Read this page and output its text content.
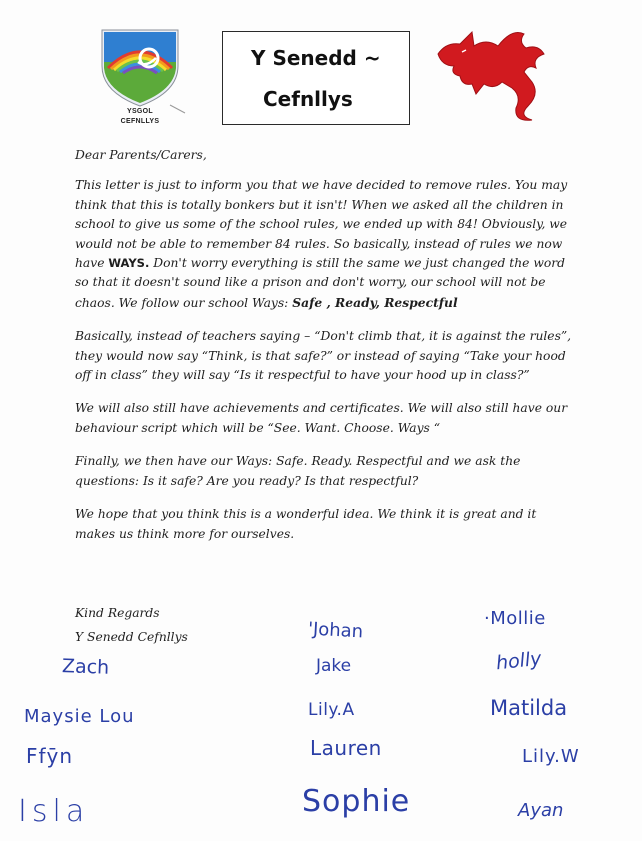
YSGOL
CEFNLLYS
Y Senedd ~
Cefnllys

Dear Parents/Carers,

This letter is just to inform you that we have decided to remove rules. You may think that this is totally bonkers but it isn't! When we asked all the children in school to give us some of the school rules, we ended up with 84! Obviously, we would not be able to remember 84 rules. So basically, instead of rules we now have WAYS. Don't worry everything is still the same we just changed the word so that it doesn't sound like a prison and don't worry, our school will not be chaos. We follow our school Ways: Safe , Ready, Respectful

Basically, instead of teachers saying – “Don't climb that, it is against the rules”, they would now say “Think, is that safe?” or instead of saying “Take your hood off in class” they will say “Is it respectful to have your hood up in class?”

We will also still have achievements and certificates. We will also still have our behaviour script which will be “See. Want. Choose. Ways “

Finally, we then have our Ways: Safe. Ready. Respectful and we ask the questions: Is it safe? Are you ready? Is that respectful?

We hope that you think this is a wonderful idea. We think it is great and it makes us think more for ourselves.

Kind Regards
Y Senedd Cefnllys
Zach
Maysie Lou
Ffȳn
Isla
'Johan
Jake
Lily.A
Lauren
Sophie
·Mollie
holly
Matilda
Lily.W
Ayan
